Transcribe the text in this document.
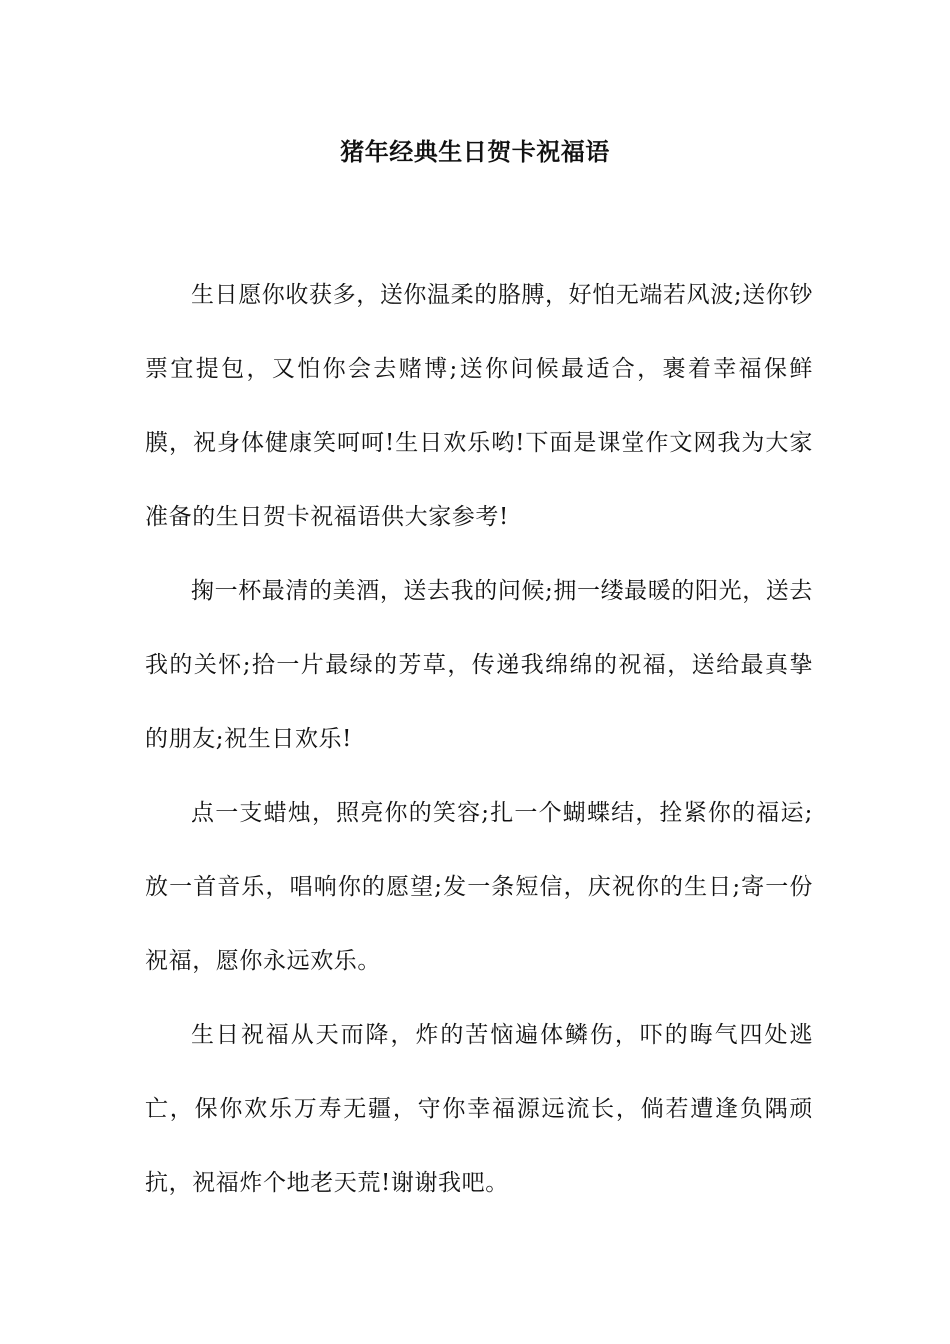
猪年经典生日贺卡祝福语

生日愿你收获多，送你温柔的胳膊，好怕无端若风波;送你钞票宜提包，又怕你会去赌博;送你问候最适合，裹着幸福保鲜膜，祝身体健康笑呵呵!生日欢乐哟!下面是课堂作文网我为大家准备的生日贺卡祝福语供大家参考!

掬一杯最清的美酒，送去我的问候;拥一缕最暖的阳光，送去我的关怀;拾一片最绿的芳草，传递我绵绵的祝福，送给最真挚的朋友;祝生日欢乐!

点一支蜡烛，照亮你的笑容;扎一个蝴蝶结，拴紧你的福运;放一首音乐，唱响你的愿望;发一条短信，庆祝你的生日;寄一份祝福，愿你永远欢乐。

生日祝福从天而降，炸的苦恼遍体鳞伤，吓的晦气四处逃亡，保你欢乐万寿无疆，守你幸福源远流长，倘若遭逢负隅顽抗，祝福炸个地老天荒!谢谢我吧。
